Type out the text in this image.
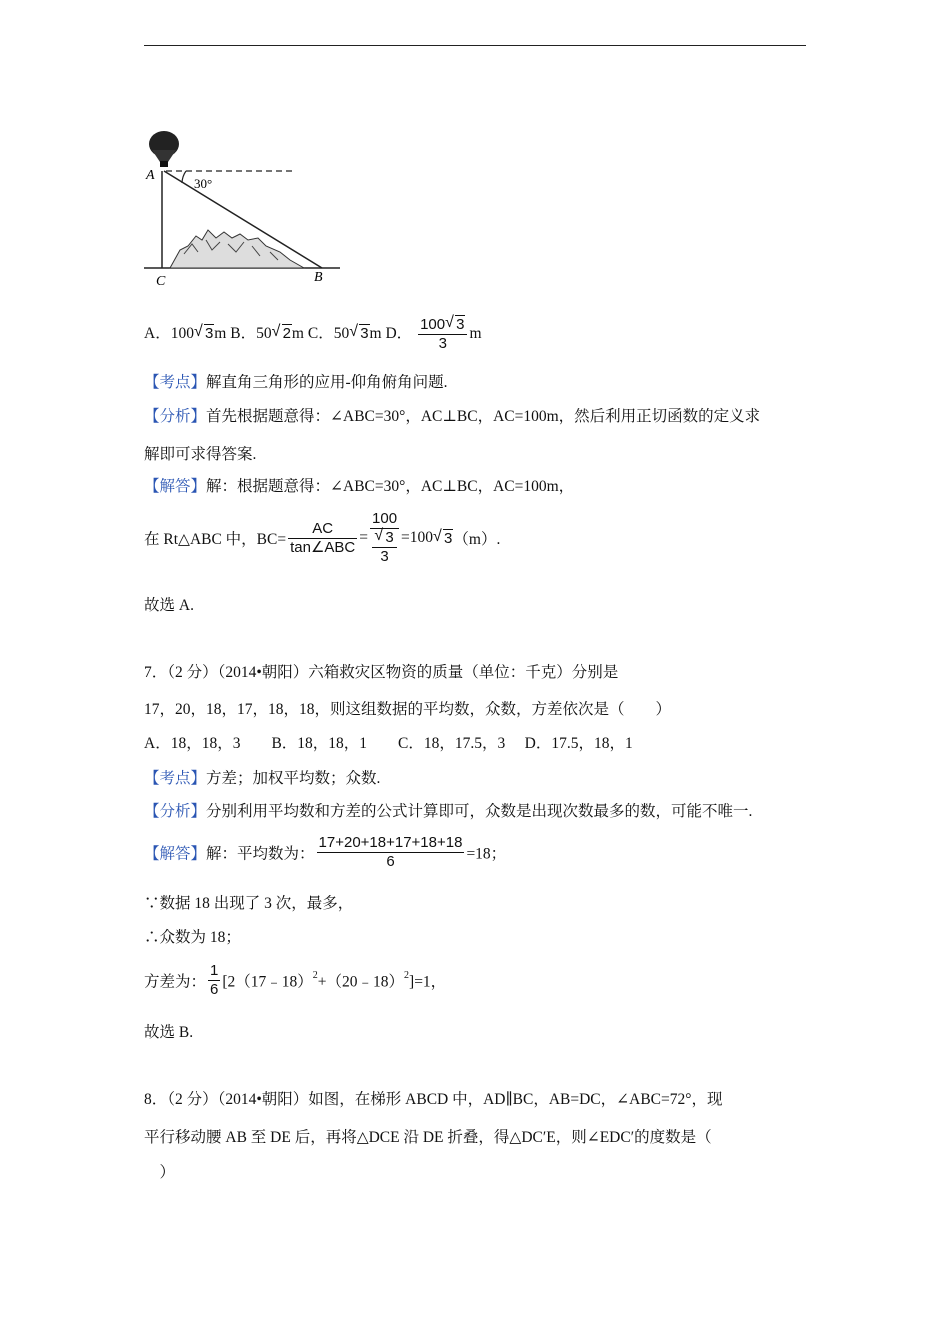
A
30°
C	B
A．100 √ 3m B．50 √ 2m C．50 √ 3m D． $\frac{100 √ 3}{3}$ m
【考点】解直角三角形的应用-仰角俯角问题.
【分析】首先根据题意得：∠ABC=30°，AC⊥BC，AC=100m，然后利用正切函数的定义求
解即可求得答案.
【解答】解：根据题意得：∠ABC=30°，AC⊥BC，AC=100m，
在 Rt△ABC 中，$BC= \frac{AC}{\text{tan∠ABC}} = \frac{100}{\frac{√ 3}{3}} =100$ √ 3（m）.
故选 A.
7．（2 分）（2014•朝阳）六箱救灾区物资的质量（单位：千克）分别是
17，20，18，17，18，18，则这组数据的平均数，众数，方差依次是（　　）
A．18，18，3　　B．18，18，1　　C．18，17.5，3　 D．17.5，18，1
【考点】方差；加权平均数；众数.
【分析】分别利用平均数和方差的公式计算即可，众数是出现次数最多的数，可能不唯一.
【解答】解：平均数为： $\frac{17+20+18+17+18+18}{6} =18$；
∵数据 18 出现了 3 次，最多，
∴众数为 18；
方差为： $\frac{1}{6}$ [2（17﹣18）$^2$+（20﹣18）$^2$]=1，
故选 B.
8．（2 分）（2014•朝阳）如图，在梯形 ABCD 中，AD∥BC，AB=DC，∠ABC=72°，现
平行移动腰 AB 至 DE 后，再将△DCE 沿 DE 折叠，得△DC′E，则∠EDC′的度数是（
　）
